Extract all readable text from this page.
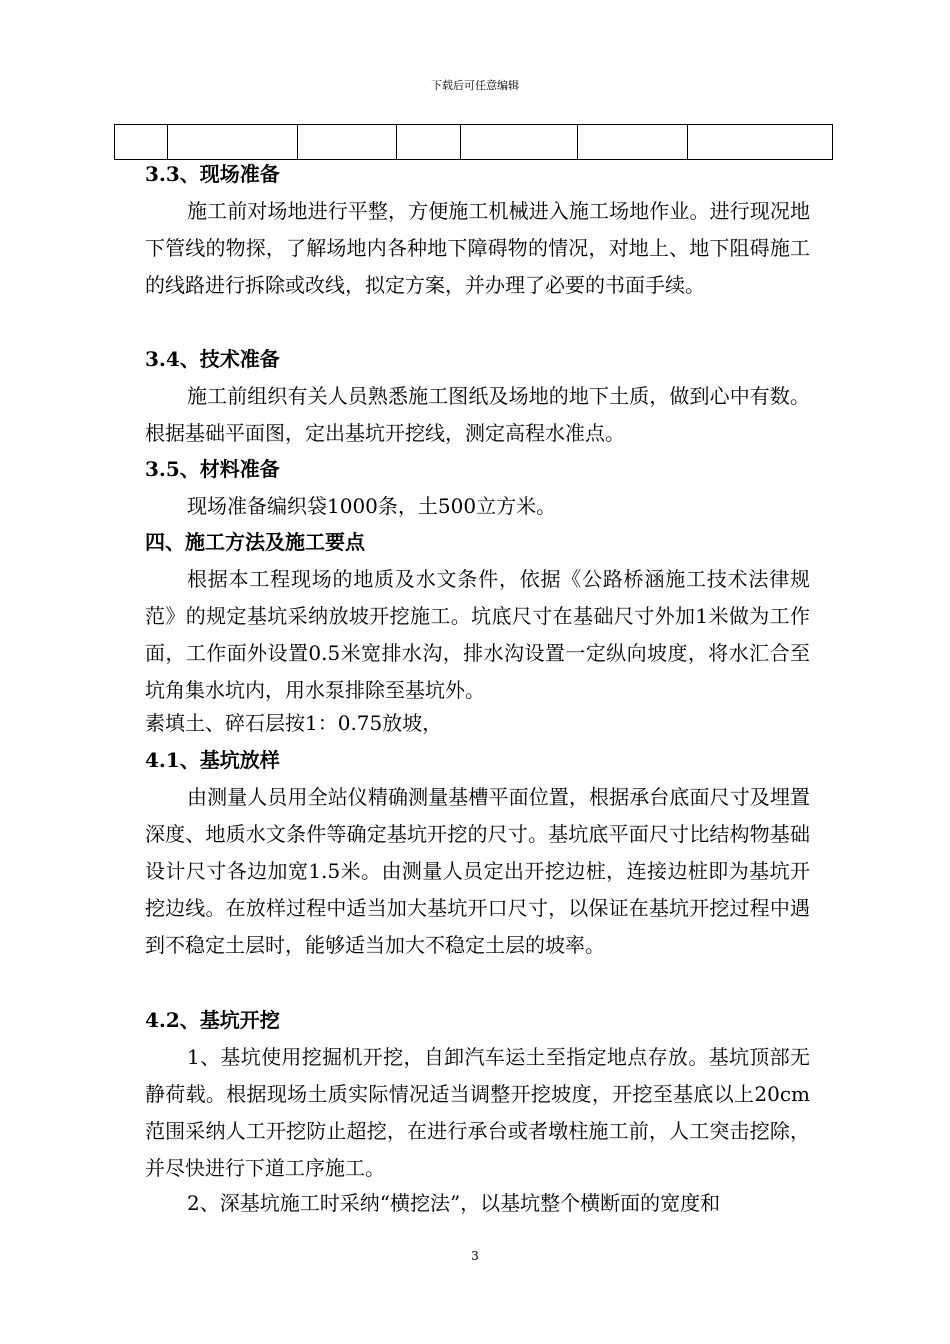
下载后可任意编辑

3.3、现场准备
施工前对场地进行平整，方便施工机械进入施工场地作业。进行现况地下管线的物探，了解场地内各种地下障碍物的情况，对地上、地下阻碍施工的线路进行拆除或改线，拟定方案，并办理了必要的书面手续。
3.4、技术准备
施工前组织有关人员熟悉施工图纸及场地的地下土质，做到心中有数。根据基础平面图，定出基坑开挖线，测定高程水准点。
3.5、材料准备
现场准备编织袋1000条，土500立方米。
四、施工方法及施工要点
根据本工程现场的地质及水文条件，依据《公路桥涵施工技术法律规范》的规定基坑采纳放坡开挖施工。坑底尺寸在基础尺寸外加1米做为工作面，工作面外设置0.5米宽排水沟，排水沟设置一定纵向坡度，将水汇合至坑角集水坑内，用水泵排除至基坑外。
素填土、碎石层按1：0.75放坡，
4.1、基坑放样
由测量人员用全站仪精确测量基槽平面位置，根据承台底面尺寸及埋置深度、地质水文条件等确定基坑开挖的尺寸。基坑底平面尺寸比结构物基础设计尺寸各边加宽1.5米。由测量人员定出开挖边桩，连接边桩即为基坑开挖边线。在放样过程中适当加大基坑开口尺寸，以保证在基坑开挖过程中遇到不稳定土层时，能够适当加大不稳定土层的坡率。
4.2、基坑开挖
1、基坑使用挖掘机开挖，自卸汽车运土至指定地点存放。基坑顶部无静荷载。根据现场土质实际情况适当调整开挖坡度，开挖至基底以上20cm范围采纳人工开挖防止超挖，在进行承台或者墩柱施工前，人工突击挖除，并尽快进行下道工序施工。
2、深基坑施工时采纳“横挖法”，以基坑整个横断面的宽度和
3
